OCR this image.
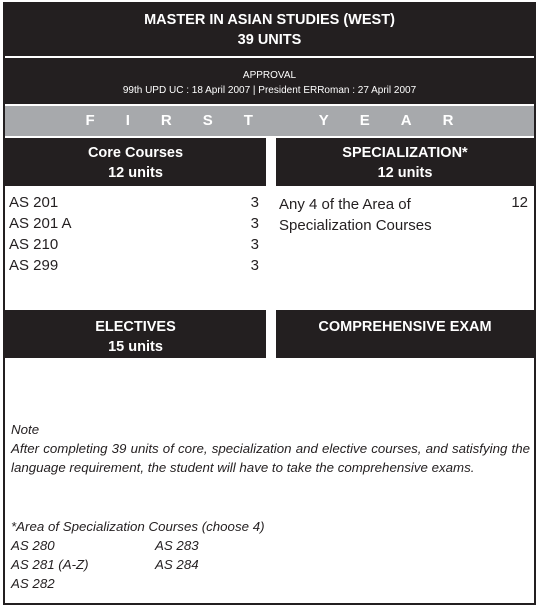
MASTER IN ASIAN STUDIES (WEST)
39 UNITS
APPROVAL
99th UPD UC : 18 April 2007 | President ERRoman : 27 April 2007
FIRST YEAR
Core Courses
12 units
SPECIALIZATION*
12 units
AS 201	3
AS 201 A	3
AS 210	3
AS 299	3
Any 4 of the Area of Specialization Courses
12
ELECTIVES
15 units
COMPREHENSIVE EXAM
Note
After completing 39 units of core, specialization and elective courses, and satisfying the language requirement, the student will have to take the comprehensive exams.
*Area of Specialization Courses (choose 4)
AS 280	AS 283
AS 281 (A-Z)	AS 284
AS 282
